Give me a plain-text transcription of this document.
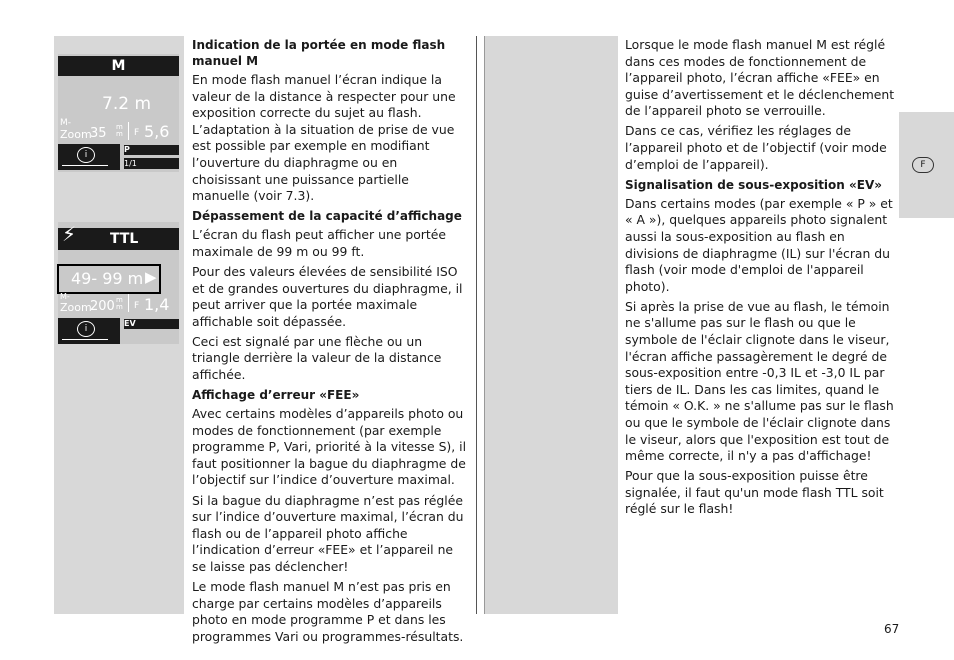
M
7.2 m
M-
Zoom
35 m
m F 5,6
i
P
1/1
⚡ TTL
49- 99 m ▶
M-
Zoom
200 m
m F 1,4
i
EV
Indication de la portée en mode flash manuel M

En mode flash manuel l’écran indique la valeur de la distance à respecter pour une exposition correcte du sujet au flash. L’adaptation à la situation de prise de vue est possible par exemple en modifiant l’ouverture du diaphragme ou en choisissant une puissance partielle manuelle (voir 7.3).

Dépassement de la capacité d’affichage

L’écran du flash peut afficher une portée maximale de 99 m ou 99 ft.

Pour des valeurs élevées de sensibilité ISO et de grandes ouvertures du diaphragme, il peut arriver que la portée maximale affichable soit dépassée.

Ceci est signalé par une flèche ou un triangle derrière la valeur de la distance affichée.

Affichage d’erreur «FEE»

Avec certains modèles d’appareils photo ou modes de fonctionnement (par exemple programme P, Vari, priorité à la vitesse S), il faut positionner la bague du diaphragme de l’objectif sur l’indice d’ouverture maximal.

Si la bague du diaphragme n’est pas réglée sur l’indice d’ouverture maximal, l’écran du flash ou de l’appareil photo affiche l’indication d’erreur «FEE» et l’appareil ne se laisse pas déclencher!

Le mode flash manuel M n’est pas pris en charge par certains modèles d’appareils photo en mode programme P et dans les programmes Vari ou programmes-résultats.

Lorsque le mode flash manuel M est réglé dans ces modes de fonctionnement de l’appareil photo, l’écran affiche «FEE» en guise d’avertissement et le déclenchement de l’appareil photo se verrouille.

Dans ce cas, vérifiez les réglages de l’appareil photo et de l’objectif (voir mode d’emploi de l’appareil).

Signalisation de sous-exposition «EV»

Dans certains modes (par exemple « P » et « A »), quelques appareils photo signalent aussi la sous-exposition au flash en divisions de diaphragme (IL) sur l'écran du flash (voir mode d'emploi de l'appareil photo).

Si après la prise de vue au flash, le témoin ne s'allume pas sur le flash ou que le symbole de l'éclair clignote dans le viseur, l'écran affiche passagèrement le degré de sous-exposition entre -0,3 IL et -3,0 IL par tiers de IL. Dans les cas limites, quand le témoin « O.K. » ne s'allume pas sur le flash ou que le symbole de l'éclair clignote dans le viseur, alors que l'exposition est tout de même correcte, il n'y a pas d'affichage!

Pour que la sous-exposition puisse être signalée, il faut qu'un mode flash TTL soit réglé sur le flash!

F
67
